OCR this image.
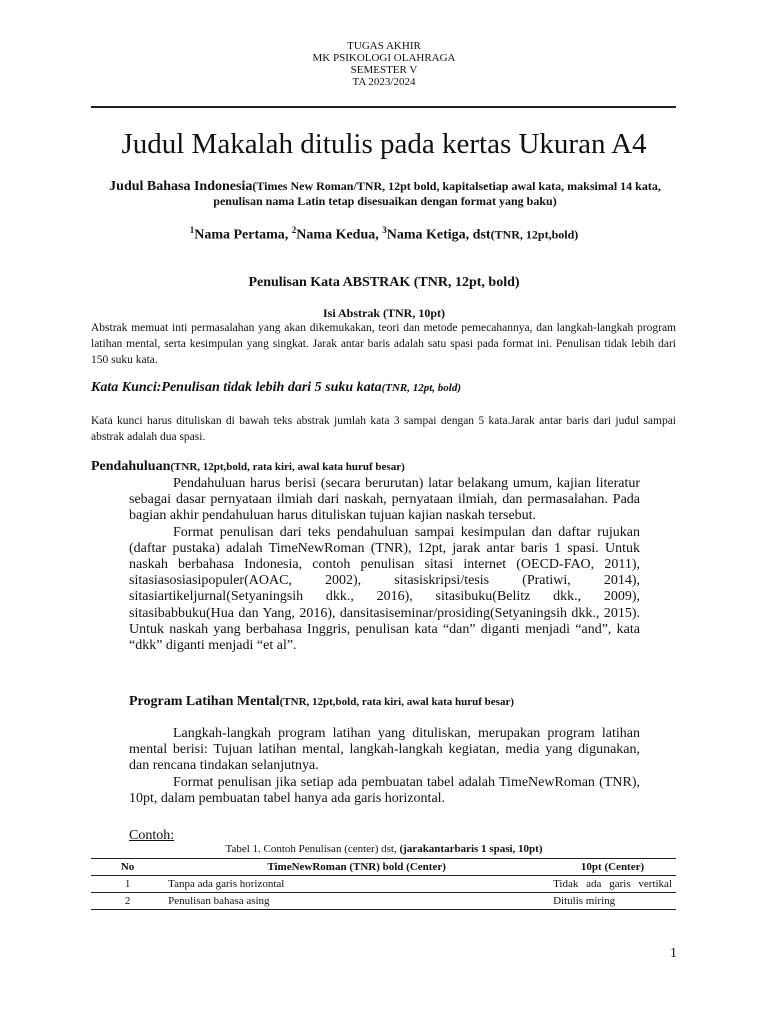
TUGAS AKHIR
MK PSIKOLOGI OLAHRAGA
SEMESTER V
TA 2023/2024
Judul Makalah ditulis pada kertas Ukuran A4
Judul Bahasa Indonesia(Times New Roman/TNR, 12pt bold, kapitalsetiap awal kata, maksimal 14 kata, penulisan nama Latin tetap disesuaikan dengan format yang baku)
$^1$Nama Pertama, $^2$Nama Kedua, $^3$Nama Ketiga, dst(TNR, 12pt,bold)
Penulisan Kata ABSTRAK (TNR, 12pt, bold)
Isi Abstrak (TNR, 10pt)
Abstrak memuat inti permasalahan yang akan dikemukakan, teori dan metode pemecahannya, dan langkah-langkah program latihan mental, serta kesimpulan yang singkat. Jarak antar baris adalah satu spasi pada format ini. Penulisan tidak lebih dari 150 suku kata.
Kata Kunci:Penulisan tidak lebih dari 5 suku kata(TNR, 12pt, bold)
Kata kunci harus dituliskan di bawah teks abstrak jumlah kata 3 sampai dengan 5 kata.Jarak antar baris dari judul sampai abstrak adalah dua spasi.
Pendahuluan(TNR, 12pt,bold, rata kiri, awal kata huruf besar)
Pendahuluan harus berisi (secara berurutan) latar belakang umum, kajian literatur sebagai dasar pernyataan ilmiah dari naskah, pernyataan ilmiah, dan permasalahan. Pada bagian akhir pendahuluan harus dituliskan tujuan kajian naskah tersebut.
Format penulisan dari teks pendahuluan sampai kesimpulan dan daftar rujukan (daftar pustaka) adalah TimeNewRoman (TNR), 12pt, jarak antar baris 1 spasi. Untuk naskah berbahasa Indonesia, contoh penulisan sitasi internet (OECD-FAO, 2011), sitasiasosiasipopuler(AOAC, 2002), sitasiskripsi/tesis (Pratiwi, 2014), sitasiartikeljurnal(Setyaningsih dkk., 2016), sitasibuku(Belitz dkk., 2009), sitasibabbuku(Hua dan Yang, 2016), dansitasiseminar/prosiding(Setyaningsih dkk., 2015). Untuk naskah yang berbahasa Inggris, penulisan kata “dan” diganti menjadi “and”, kata “dkk” diganti menjadi “et al”.
Program Latihan Mental(TNR, 12pt,bold, rata kiri, awal kata huruf besar)
Langkah-langkah program latihan yang dituliskan, merupakan program latihan mental berisi: Tujuan latihan mental, langkah-langkah kegiatan, media yang digunakan, dan rencana tindakan selanjutnya.
Format penulisan jika setiap ada pembuatan tabel adalah TimeNewRoman (TNR), 10pt, dalam pembuatan tabel hanya ada garis horizontal.
Contoh:
Tabel 1. Contoh Penulisan (center) dst, (jarakantarbaris 1 spasi, 10pt)
No	TimeNewRoman (TNR) bold (Center)	10pt (Center)
1	Tanpa ada garis horizontal	Tidak ada garis vertikal
2	Penulisan bahasa asing	Ditulis miring
1
